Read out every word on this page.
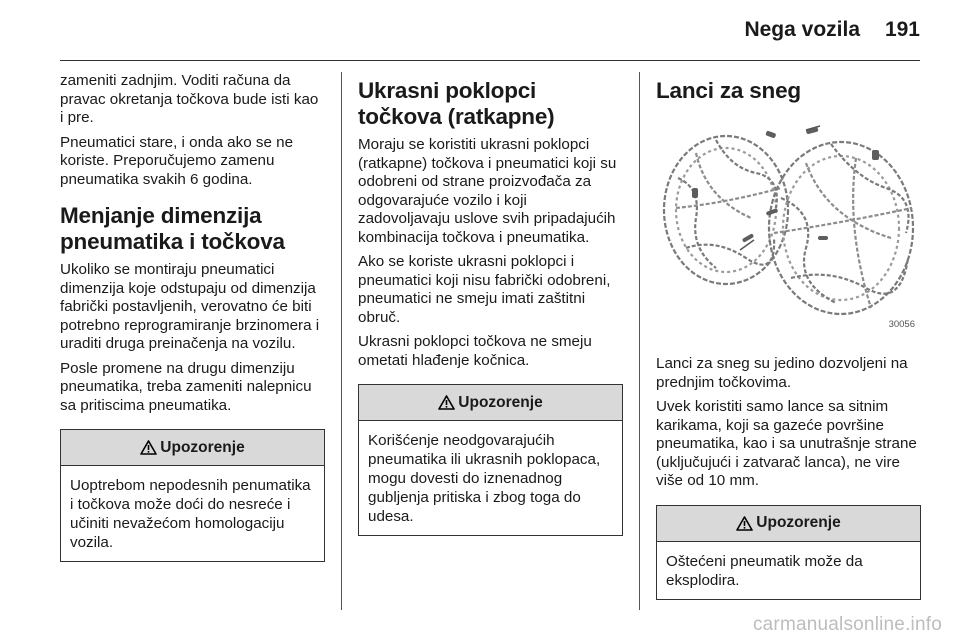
Nega vozila 191

zameniti zadnjim. Voditi računa da pravac okretanja točkova bude isti kao i pre.

Pneumatici stare, i onda ako se ne koriste. Preporučujemo zamenu pneumatika svakih 6 godina.

Menjanje dimenzija pneumatika i točkova

Ukoliko se montiraju pneumatici dimenzija koje odstupaju od dimenzija fabrički postavljenih, verovatno će biti potrebno reprogramiranje brzinomera i uraditi druga preinačenja na vozilu.

Posle promene na drugu dimenziju pneumatika, treba zameniti nalepnicu sa pritiscima pneumatika.

Upozorenje
Uoptrebom nepodesnih penumatika i točkova može doći do nesreće i učiniti nevažećom homologaciju vozila.
Ukrasni poklopci točkova (ratkapne)

Moraju se koristiti ukrasni poklopci (ratkapne) točkova i pneumatici koji su odobreni od strane proizvođača za odgovarajuće vozilo i koji zadovoljavaju uslove svih pripadajućih kombinacija točkova i pneumatika.

Ako se koriste ukrasni poklopci i pneumatici koji nisu fabrički odobreni, pneumatici ne smeju imati zaštitni obruč.

Ukrasni poklopci točkova ne smeju ometati hlađenje kočnica.

Upozorenje
Korišćenje neodgovarajućih pneumatika ili ukrasnih poklopaca, mogu dovesti do iznenadnog gubljenja pritiska i zbog toga do udesa.
Lanci za sneg
30056

Lanci za sneg su jedino dozvoljeni na prednjim točkovima.

Uvek koristiti samo lance sa sitnim karikama, koji sa gazeće površine pneumatika, kao i sa unutrašnje strane (uključujući i zatvarač lanca), ne vire više od 10 mm.

Upozorenje
Oštećeni pneumatik može da eksplodira.
carmanualsonline.info
